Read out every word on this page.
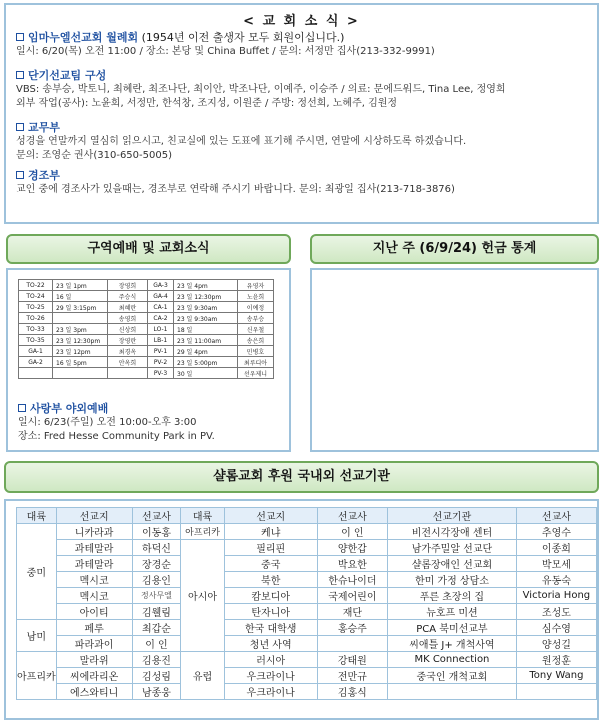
< 교 회 소 식 >
임마누엘선교회 월례회 (1954년 이전 출생자 모두 회원이십니다.)
일시: 6/20(목) 오전 11:00 / 장소: 본당 및 China Buffet / 문의: 서정만 집사(213-332-9991)
단기선교팀 구성
VBS: 송부승, 박토니, 최혜란, 최조나단, 최이안, 박조나단, 이예주, 이승주 / 의료: 문에드워드, Tina Lee, 정영희
외부 작업(공사): 노윤희, 서정만, 한석창, 조지성, 이원준 / 주방: 정선희, 노혜주, 김원정
교무부
성경을 연말까지 열심히 읽으시고, 친교실에 있는 도표에 표기해 주시면, 연말에 시상하도록 하겠습니다.
문의: 조영순 권사(310-650-5005)
경조부
교인 중에 경조사가 있을때는, 경조부로 연락해 주시기 바랍니다. 문의: 최광일 집사(213-718-3876)
구역예배 및 교회소식	지난 주 (6/9/24) 헌금 통계
TO-22	23 일 1pm	장영희	GA-3	23 일 4pm	유영자
TO-24	16 일	주승식	GA-4	23 일 12:30pm	노윤희
TO-25	29 일 3:15pm	최혜란	CA-1	23 일 9:30am	이예정
TO-26		송영희	CA-2	23 일 9:30am	송부승
TO-33	23 일 3pm	신상희	LO-1	18 일	신우철
TO-35	23 일 12:30pm	장영란	LB-1	23 일 11:00am	송은희
GA-1	23 일 12pm	최경옥	PV-1	29 일 4pm	민병호
GA-2	16 일 5pm	안옥희	PV-2	23 일 5:00pm	최루디아
			PV-3	30 일	선우제니
사랑부 야외예배
일시: 6/23(주일) 오전 10:00-오후 3:00
장소: Fred Hesse Community Park in PV.
샬롬교회 후원 국내외 선교기관
대륙	선교지	선교사	대륙	선교지	선교사	선교기관	선교사
중미	니카라과	이동홍	아프리카	케냐	이 인	비전시각장애 센터	추영수
	과테말라	하덕신	아시아	필리핀	양한갑	남가주밀알 선교단	이종희
	과테말라	장경순		중국	박요한	샬롬장애인 선교회	박모세
	멕시코	김용인		북한	한슈나이더	한미 가정 상담소	유동숙
	멕시코	정사무엘		캄보디아	국제어린이	푸른 초장의 집	Victoria Hong
	아이티	김웰림		탄자니아	재단	뉴호프 미션	조성도
남미	페루	최갑순		한국 대학생	홍승주	PCA 북미선교부	심수영
	파라과이	이 인		청년 사역		씨애틀 J+ 개척사역	양성길
아프리카	말라위	김용진	유럽	러시아	강태원	MK Connection	원정훈
	씨에라리온	김성림		우크라이나	전만규	중국인 개척교회	Tony Wang
	에스와티니	남종웅		우크라이나	김홍식		
